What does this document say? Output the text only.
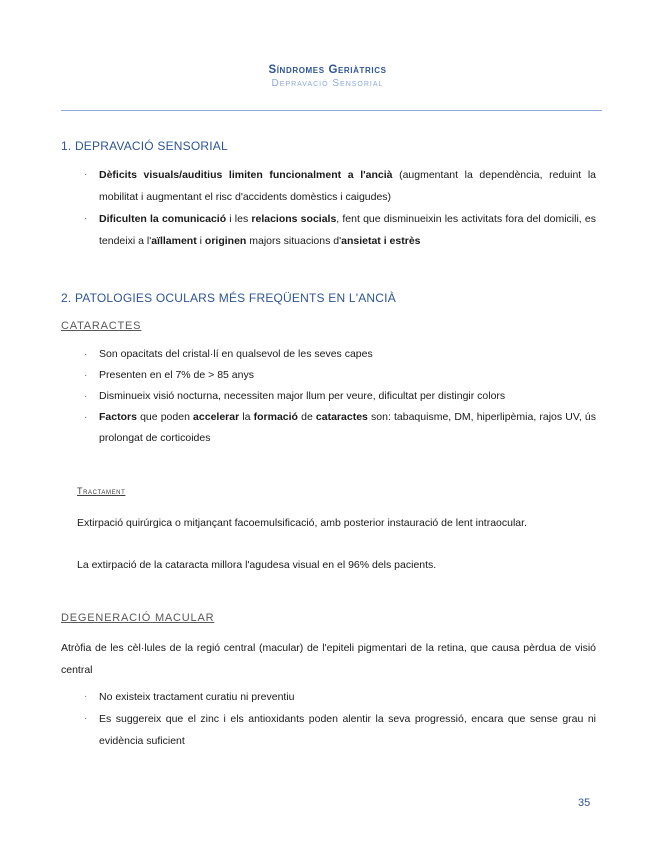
Síndromes Geriàtrics
Depravació Sensorial
1. DEPRAVACIÓ SENSORIAL
· Dèficits visuals/auditius limiten funcionalment a l'ancià (augmentant la dependència, reduint la mobilitat i augmentant el risc d'accidents domèstics i caigudes)
· Dificulten la comunicació i les relacions socials, fent que disminueixin les activitats fora del domicili, es tendeixi a l'aïllament i originen majors situacions d'ansietat i estrès
2. PATOLOGIES OCULARS MÉS FREQÜENTS EN L'ANCIÀ
CATARACTES
· Son opacitats del cristal·lí en qualsevol de les seves capes
· Presenten en el 7% de > 85 anys
· Disminueix visió nocturna, necessiten major llum per veure, dificultat per distingir colors
· Factors que poden accelerar la formació de cataractes son: tabaquisme, DM, hiperlipèmia, rajos UV, ús prolongat de corticoides
Tractament
Extirpació quirúrgica o mitjançant facoemulsificació, amb posterior instauració de lent intraocular.
La extirpació de la cataracta millora l'agudesa visual en el 96% dels pacients.
DEGENERACIÓ MACULAR
Atròfia de les cèl·lules de la regió central (macular) de l'epiteli pigmentari de la retina, que causa pèrdua de visió central
· No existeix tractament curatiu ni preventiu
· Es suggereix que el zinc i els antioxidants poden alentir la seva progressió, encara que sense grau ni evidència suficient
35
